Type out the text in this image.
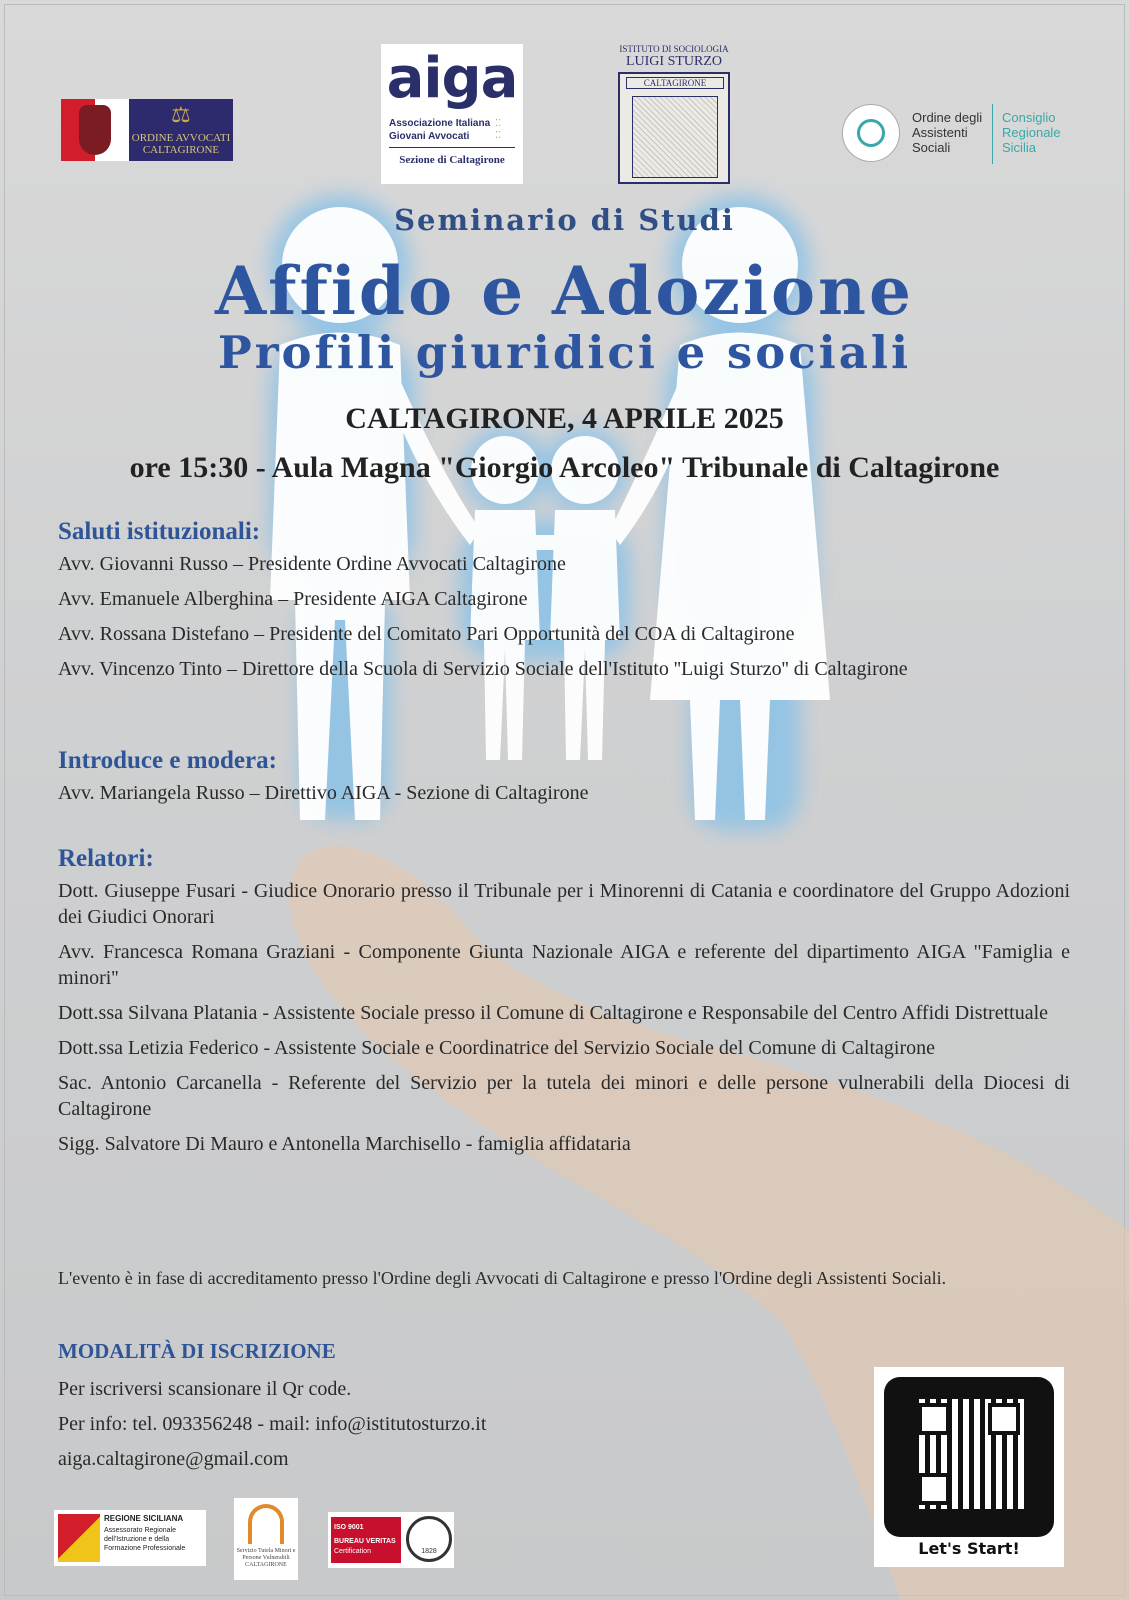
⚖
ORDINE AVVOCATI CALTAGIRONE
aiga
Associazione Italiana
Giovani Avvocati
⁚⁚
⁚⁚
Sezione di Caltagirone
ISTITUTO DI SOCIOLOGIA
LUIGI STURZO
CALTAGIRONE
Ordine degli
Assistenti
Sociali
Consiglio
Regionale
Sicilia
Seminario di Studi
Affido e Adozione
Profili giuridici e sociali
CALTAGIRONE, 4 APRILE 2025
ore 15:30 - Aula Magna "Giorgio Arcoleo" Tribunale di Caltagirone
Saluti istituzionali:
Avv. Giovanni Russo – Presidente Ordine Avvocati Caltagirone
Avv. Emanuele Alberghina – Presidente AIGA Caltagirone
Avv. Rossana Distefano – Presidente del Comitato Pari Opportunità del COA di Caltagirone
Avv. Vincenzo Tinto – Direttore della Scuola di Servizio Sociale dell'Istituto ''Luigi Sturzo'' di Caltagirone
Introduce e modera:
Avv. Mariangela Russo – Direttivo AIGA - Sezione di Caltagirone
Relatori:
Dott. Giuseppe Fusari - Giudice Onorario presso il Tribunale per i Minorenni di Catania e coordinatore del Gruppo Adozioni dei Giudici Onorari
Avv. Francesca Romana Graziani - Componente Giunta Nazionale AIGA e referente del dipartimento AIGA "Famiglia e minori''
Dott.ssa Silvana Platania - Assistente Sociale presso il Comune di Caltagirone e Responsabile del Centro Affidi Distrettuale
Dott.ssa Letizia Federico - Assistente Sociale e Coordinatrice del Servizio Sociale del Comune di Caltagirone
Sac. Antonio Carcanella - Referente del Servizio per la tutela dei minori e delle persone vulnerabili della Diocesi di Caltagirone
Sigg. Salvatore Di Mauro e Antonella Marchisello - famiglia affidataria
L'evento è in fase di accreditamento presso l'Ordine degli Avvocati di Caltagirone e presso l'Ordine degli Assistenti Sociali.
MODALITÀ DI ISCRIZIONE
Per iscriversi scansionare il Qr code.
Per info: tel. 093356248 - mail: info@istitutosturzo.it
aiga.caltagirone@gmail.com
Let's Start!
REGIONE SICILIANA
Assessorato Regionale dell'Istruzione e della Formazione Professionale	Servizio Tutela Minori e Persone Vulnerabili CALTAGIRONE
ISO 9001
BUREAU VERITAS
Certification	1828
